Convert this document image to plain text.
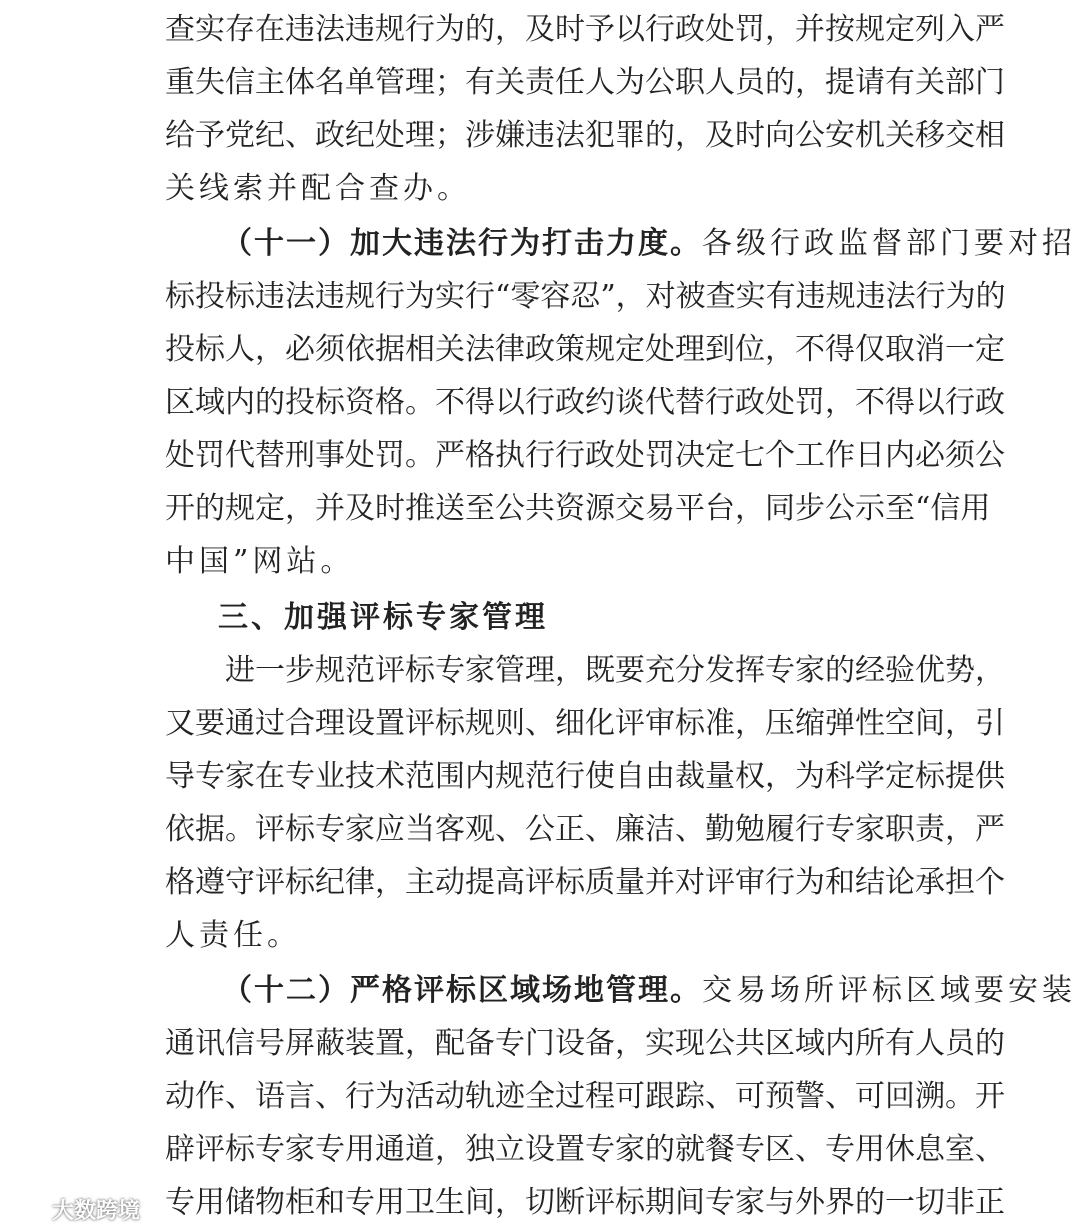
查实存在违法违规行为的，及时予以行政处罚，并按规定列入严
重失信主体名单管理；有关责任人为公职人员的，提请有关部门
给予党纪、政纪处理；涉嫌违法犯罪的，及时向公安机关移交相
关线索并配合查办。
（十一）加大违法行为打击力度。各级行政监督部门要对招
标投标违法违规行为实行“零容忍”，对被查实有违规违法行为的
投标人，必须依据相关法律政策规定处理到位，不得仅取消一定
区域内的投标资格。不得以行政约谈代替行政处罚，不得以行政
处罚代替刑事处罚。严格执行行政处罚决定七个工作日内必须公
开的规定，并及时推送至公共资源交易平台，同步公示至“信用
中国”网站。
三、加强评标专家管理
进一步规范评标专家管理，既要充分发挥专家的经验优势，
又要通过合理设置评标规则、细化评审标准，压缩弹性空间，引
导专家在专业技术范围内规范行使自由裁量权，为科学定标提供
依据。评标专家应当客观、公正、廉洁、勤勉履行专家职责，严
格遵守评标纪律，主动提高评标质量并对评审行为和结论承担个
人责任。
（十二）严格评标区域场地管理。交易场所评标区域要安装
通讯信号屏蔽装置，配备专门设备，实现公共区域内所有人员的
动作、语言、行为活动轨迹全过程可跟踪、可预警、可回溯。开
辟评标专家专用通道，独立设置专家的就餐专区、专用休息室、
专用储物柜和专用卫生间，切断评标期间专家与外界的一切非正
大数跨境
